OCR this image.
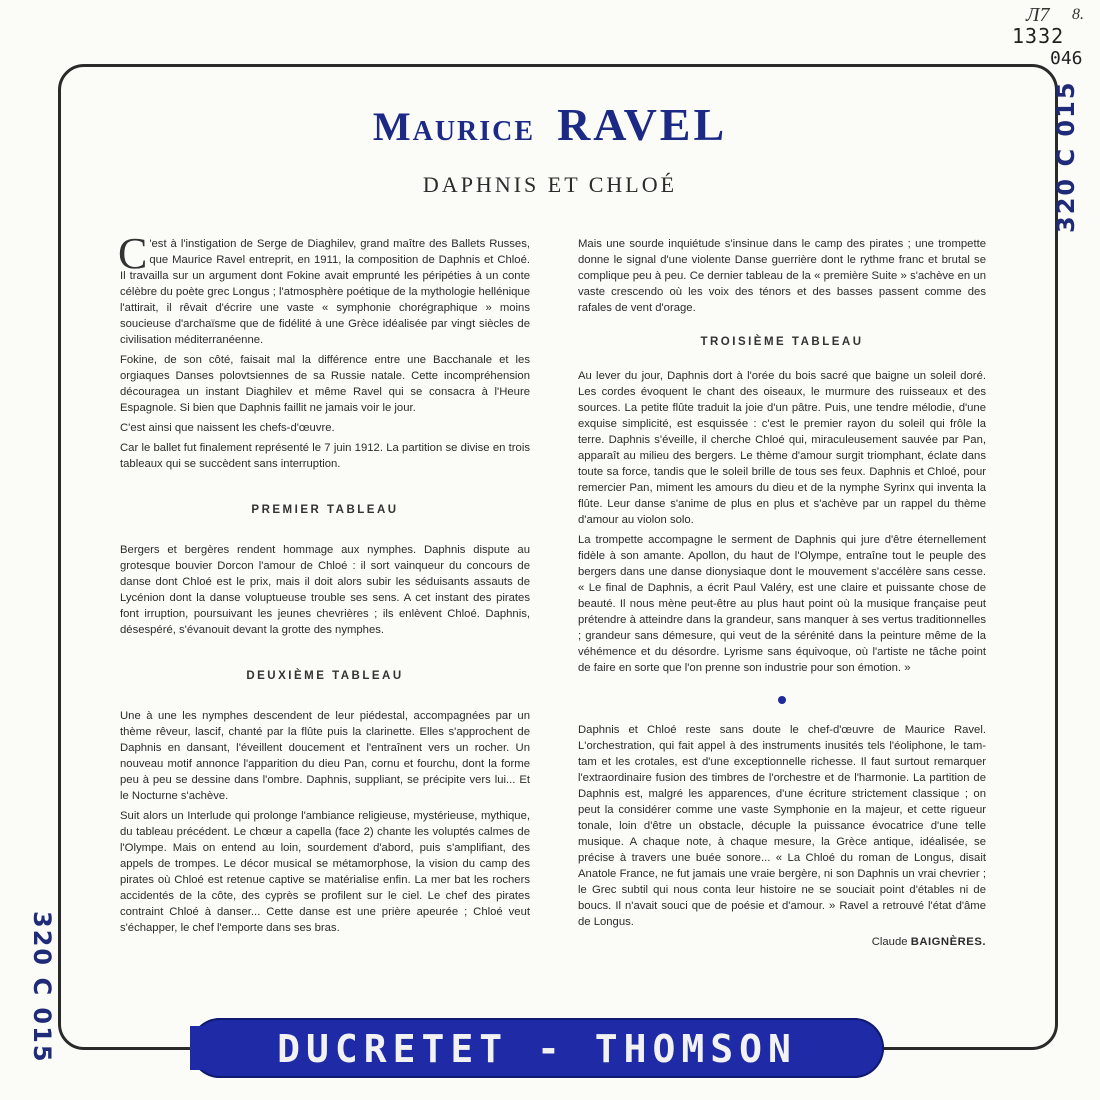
Л7 8.
1332
046
320 C 015
320 C 015
Maurice RAVEL
DAPHNIS ET CHLOÉ

C 'est à l'instigation de Serge de Diaghilev, grand maître des Ballets Russes, que Maurice Ravel entreprit, en 1911, la composition de Daphnis et Chloé. Il travailla sur un argument dont Fokine avait emprunté les péripéties à un conte célèbre du poète grec Longus ; l'atmosphère poétique de la mythologie hellénique l'attirait, il rêvait d'écrire une vaste « symphonie chorégraphique » moins soucieuse d'archaïsme que de fidélité à une Grèce idéalisée par vingt siècles de civilisation méditerranéenne.

Fokine, de son côté, faisait mal la différence entre une Bacchanale et les orgiaques Danses polovtsiennes de sa Russie natale. Cette incompréhension découragea un instant Diaghilev et même Ravel qui se consacra à l'Heure Espagnole. Si bien que Daphnis faillit ne jamais voir le jour.

C'est ainsi que naissent les chefs-d'œuvre.

Car le ballet fut finalement représenté le 7 juin 1912. La partition se divise en trois tableaux qui se succèdent sans interruption.

PREMIER TABLEAU

Bergers et bergères rendent hommage aux nymphes. Daphnis dispute au grotesque bouvier Dorcon l'amour de Chloé : il sort vainqueur du concours de danse dont Chloé est le prix, mais il doit alors subir les séduisants assauts de Lycénion dont la danse voluptueuse trouble ses sens. A cet instant des pirates font irruption, poursuivant les jeunes chevrières ; ils enlèvent Chloé. Daphnis, désespéré, s'évanouit devant la grotte des nymphes.

DEUXIÈME TABLEAU

Une à une les nymphes descendent de leur piédestal, accompagnées par un thème rêveur, lascif, chanté par la flûte puis la clarinette. Elles s'approchent de Daphnis en dansant, l'éveillent doucement et l'entraînent vers un rocher. Un nouveau motif annonce l'apparition du dieu Pan, cornu et fourchu, dont la forme peu à peu se dessine dans l'ombre. Daphnis, suppliant, se précipite vers lui... Et le Nocturne s'achève.

Suit alors un Interlude qui prolonge l'ambiance religieuse, mystérieuse, mythique, du tableau précédent. Le chœur a capella (face 2) chante les voluptés calmes de l'Olympe. Mais on entend au loin, sourdement d'abord, puis s'amplifiant, des appels de trompes. Le décor musical se métamorphose, la vision du camp des pirates où Chloé est retenue captive se matérialise enfin. La mer bat les rochers accidentés de la côte, des cyprès se profilent sur le ciel. Le chef des pirates contraint Chloé à danser... Cette danse est une prière apeurée ; Chloé veut s'échapper, le chef l'emporte dans ses bras.

Mais une sourde inquiétude s'insinue dans le camp des pirates ; une trompette donne le signal d'une violente Danse guerrière dont le rythme franc et brutal se complique peu à peu. Ce dernier tableau de la « première Suite » s'achève en un vaste crescendo où les voix des ténors et des basses passent comme des rafales de vent d'orage.

TROISIÈME TABLEAU

Au lever du jour, Daphnis dort à l'orée du bois sacré que baigne un soleil doré. Les cordes évoquent le chant des oiseaux, le murmure des ruisseaux et des sources. La petite flûte traduit la joie d'un pâtre. Puis, une tendre mélodie, d'une exquise simplicité, est esquissée : c'est le premier rayon du soleil qui frôle la terre. Daphnis s'éveille, il cherche Chloé qui, miraculeusement sauvée par Pan, apparaît au milieu des bergers. Le thème d'amour surgit triomphant, éclate dans toute sa force, tandis que le soleil brille de tous ses feux. Daphnis et Chloé, pour remercier Pan, miment les amours du dieu et de la nymphe Syrinx qui inventa la flûte. Leur danse s'anime de plus en plus et s'achève par un rappel du thème d'amour au violon solo.

La trompette accompagne le serment de Daphnis qui jure d'être éternellement fidèle à son amante. Apollon, du haut de l'Olympe, entraîne tout le peuple des bergers dans une danse dionysiaque dont le mouvement s'accélère sans cesse. « Le final de Daphnis, a écrit Paul Valéry, est une claire et puissante chose de beauté. Il nous mène peut-être au plus haut point où la musique française peut prétendre à atteindre dans la grandeur, sans manquer à ses vertus traditionnelles ; grandeur sans démesure, qui veut de la sérénité dans la peinture même de la véhémence et du désordre. Lyrisme sans équivoque, où l'artiste ne tâche point de faire en sorte que l'on prenne son industrie pour son émotion. »

Daphnis et Chloé reste sans doute le chef-d'œuvre de Maurice Ravel. L'orchestration, qui fait appel à des instruments inusités tels l'éoliphone, le tam-tam et les crotales, est d'une exceptionnelle richesse. Il faut surtout remarquer l'extraordinaire fusion des timbres de l'orchestre et de l'harmonie. La partition de Daphnis est, malgré les apparences, d'une écriture strictement classique ; on peut la considérer comme une vaste Symphonie en la majeur, et cette rigueur tonale, loin d'être un obstacle, décuple la puissance évocatrice d'une telle musique. A chaque note, à chaque mesure, la Grèce antique, idéalisée, se précise à travers une buée sonore... « La Chloé du roman de Longus, disait Anatole France, ne fut jamais une vraie bergère, ni son Daphnis un vrai chevrier ; le Grec subtil qui nous conta leur histoire ne se souciait point d'étables ni de boucs. Il n'avait souci que de poésie et d'amour. » Ravel a retrouvé l'état d'âme de Longus.

Claude BAIGNÈRES.

DUCRETET - THOMSON
